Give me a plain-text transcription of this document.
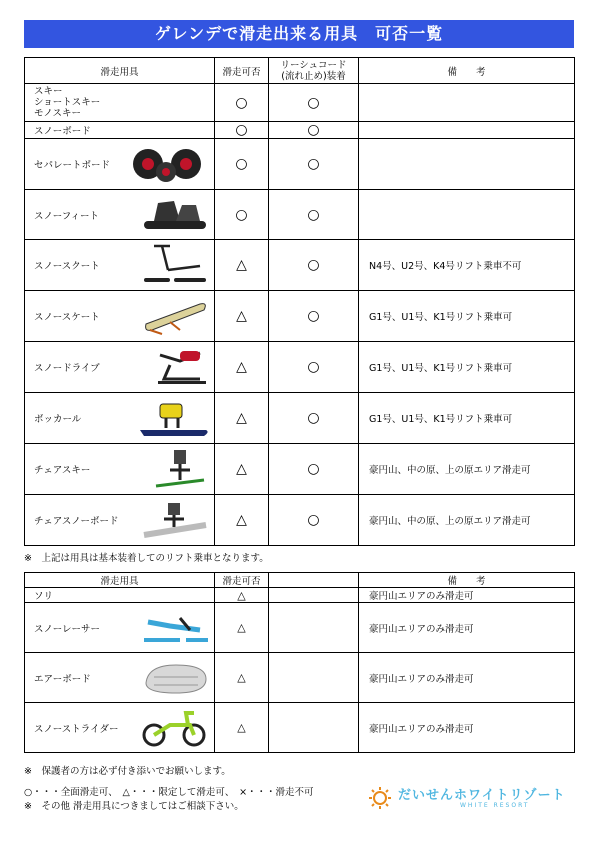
ゲレンデで滑走出来る用具　可否一覧
滑走用具	滑走可否	リーシュコード
(流れ止め)装着	備　　考
スキー
ショートスキー
モノスキー	○	○	
スノーボード	○	○	
セパレートボード	○	○	
スノーフィート	○	○	
スノースクート	△	○	N4号、U2号、K4号リフト乗車不可
スノースケート	△	○	G1号、U1号、K1号リフト乗車可
スノードライブ	△	○	G1号、U1号、K1号リフト乗車可
ボッカール	△	○	G1号、U1号、K1号リフト乗車可
チェアスキー	△	○	豪円山、中の原、上の原エリア滑走可
チェアスノーボード	△	○	豪円山、中の原、上の原エリア滑走可
※　上記は用具は基本装着してのリフト乗車となります。
滑走用具	滑走可否		備　　考
ソリ	△		豪円山エリアのみ滑走可
スノーレーサー	△		豪円山エリアのみ滑走可
エアーボード	△		豪円山エリアのみ滑走可
スノーストライダー	△		豪円山エリアのみ滑走可
※　保護者の方は必ず付き添いでお願いします。
○・・・全面滑走可、　△・・・限定して滑走可、　×・・・滑走不可
※　その他 滑走用具につきましてはご相談下さい。
だいせんホワイトリゾート
WHITE RESORT
